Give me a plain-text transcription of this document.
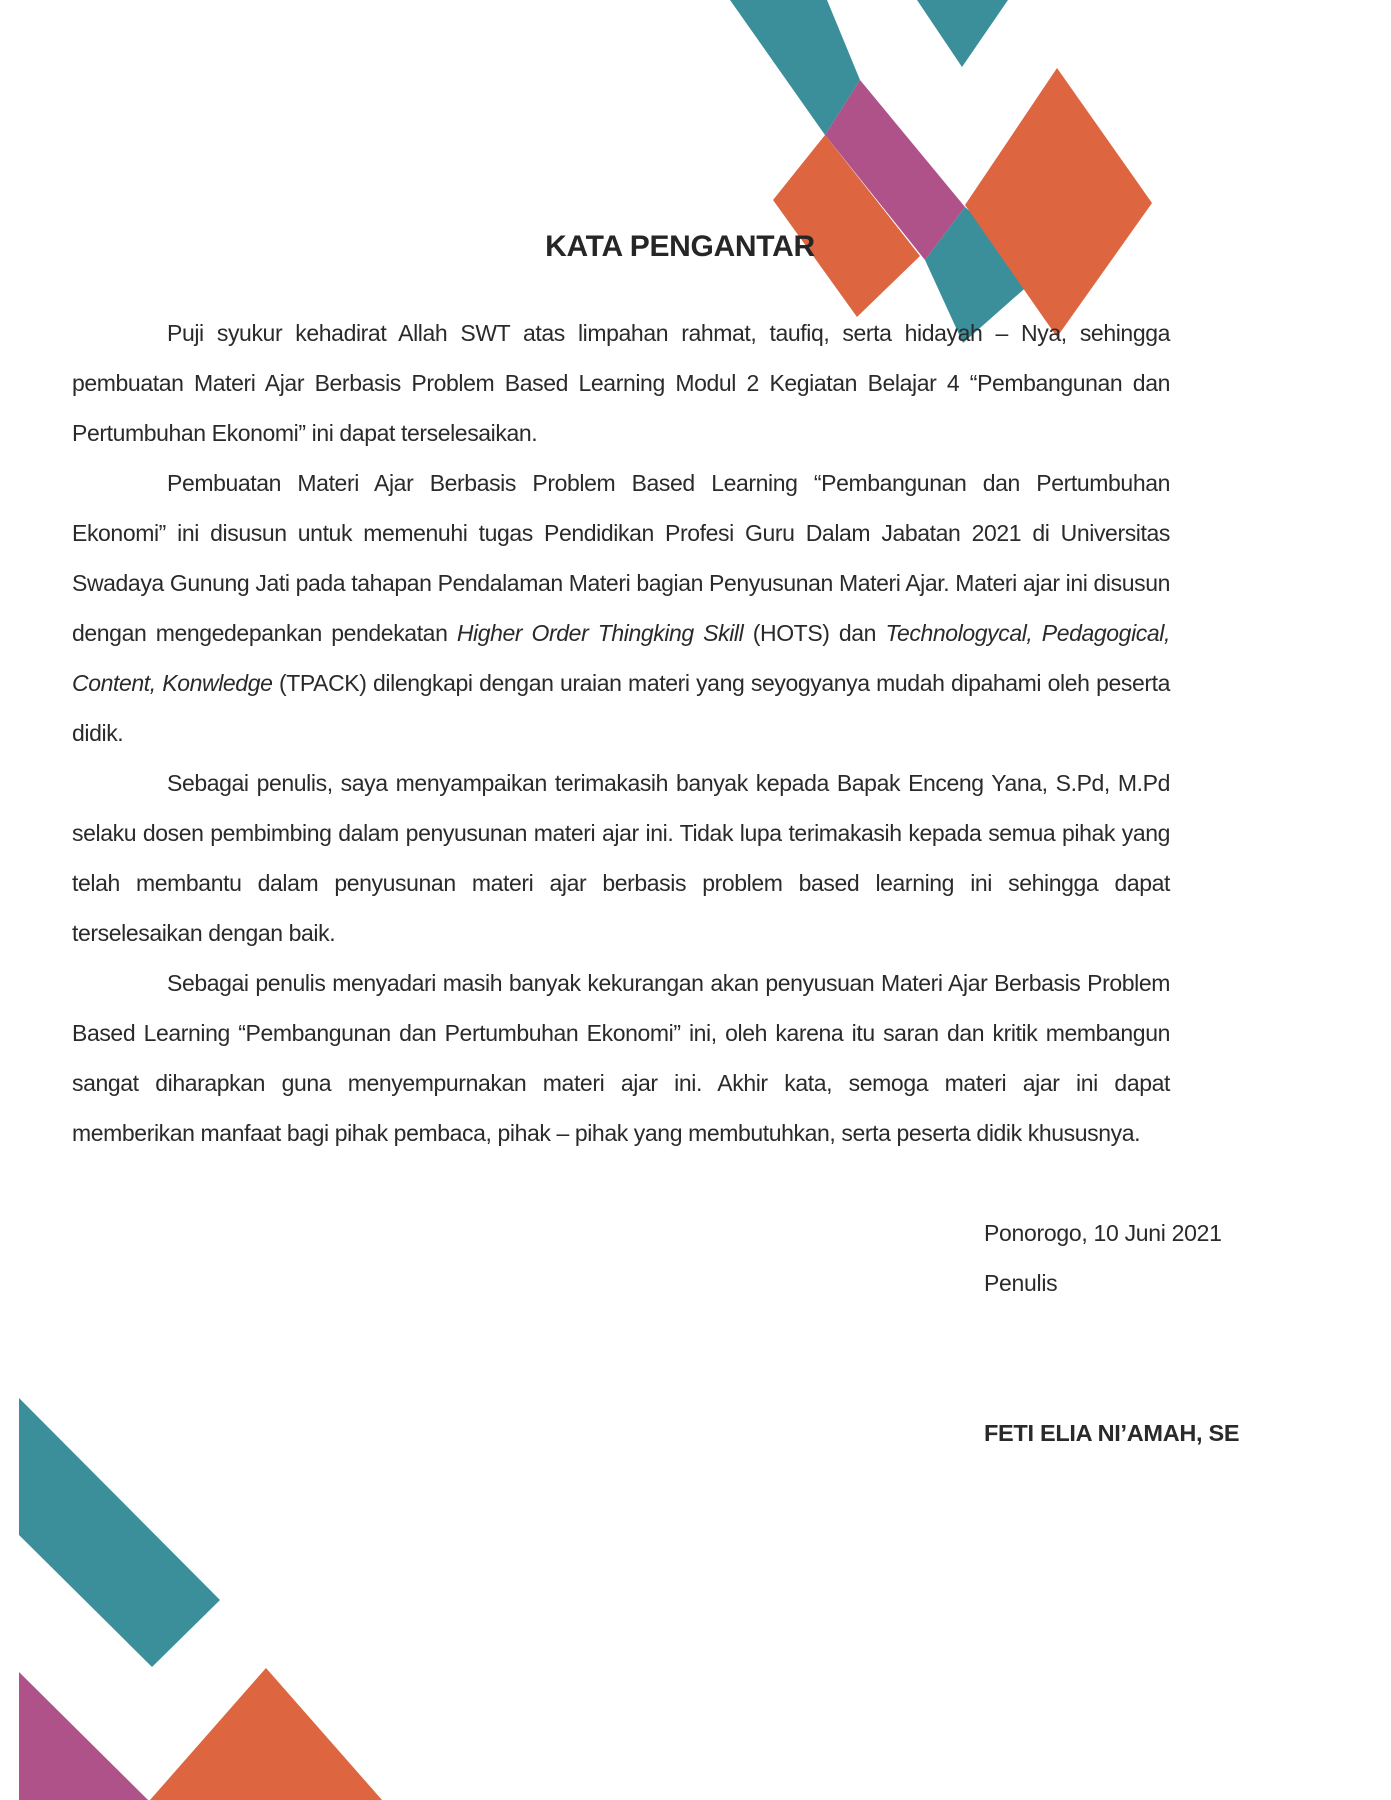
KATA PENGANTAR
Puji syukur kehadirat Allah SWT atas limpahan rahmat, taufiq, serta hidayah – Nya, sehingga
pembuatan Materi Ajar Berbasis Problem Based Learning Modul 2 Kegiatan Belajar 4 “Pembangunan dan
Pertumbuhan Ekonomi” ini dapat terselesaikan.
Pembuatan Materi Ajar Berbasis Problem Based Learning “Pembangunan dan Pertumbuhan
Ekonomi” ini disusun untuk memenuhi tugas Pendidikan Profesi Guru Dalam Jabatan 2021 di Universitas
Swadaya Gunung Jati pada tahapan Pendalaman Materi bagian Penyusunan Materi Ajar. Materi ajar ini disusun
dengan mengedepankan pendekatan Higher Order Thingking Skill (HOTS) dan Technologycal, Pedagogical,
Content, Konwledge (TPACK) dilengkapi dengan uraian materi yang seyogyanya mudah dipahami oleh peserta
didik.
Sebagai penulis, saya menyampaikan terimakasih banyak kepada Bapak Enceng Yana, S.Pd, M.Pd
selaku dosen pembimbing dalam penyusunan materi ajar ini. Tidak lupa terimakasih kepada semua pihak yang
telah membantu dalam penyusunan materi ajar berbasis problem based learning ini sehingga dapat
terselesaikan dengan baik.
Sebagai penulis menyadari masih banyak kekurangan akan penyusuan Materi Ajar Berbasis Problem
Based Learning “Pembangunan dan Pertumbuhan Ekonomi” ini, oleh karena itu saran dan kritik membangun
sangat diharapkan guna menyempurnakan materi ajar ini. Akhir kata, semoga materi ajar ini dapat
memberikan manfaat bagi pihak pembaca, pihak – pihak yang membutuhkan, serta peserta didik khususnya.
Ponorogo, 10 Juni 2021
Penulis
FETI ELIA NI’AMAH, SE
